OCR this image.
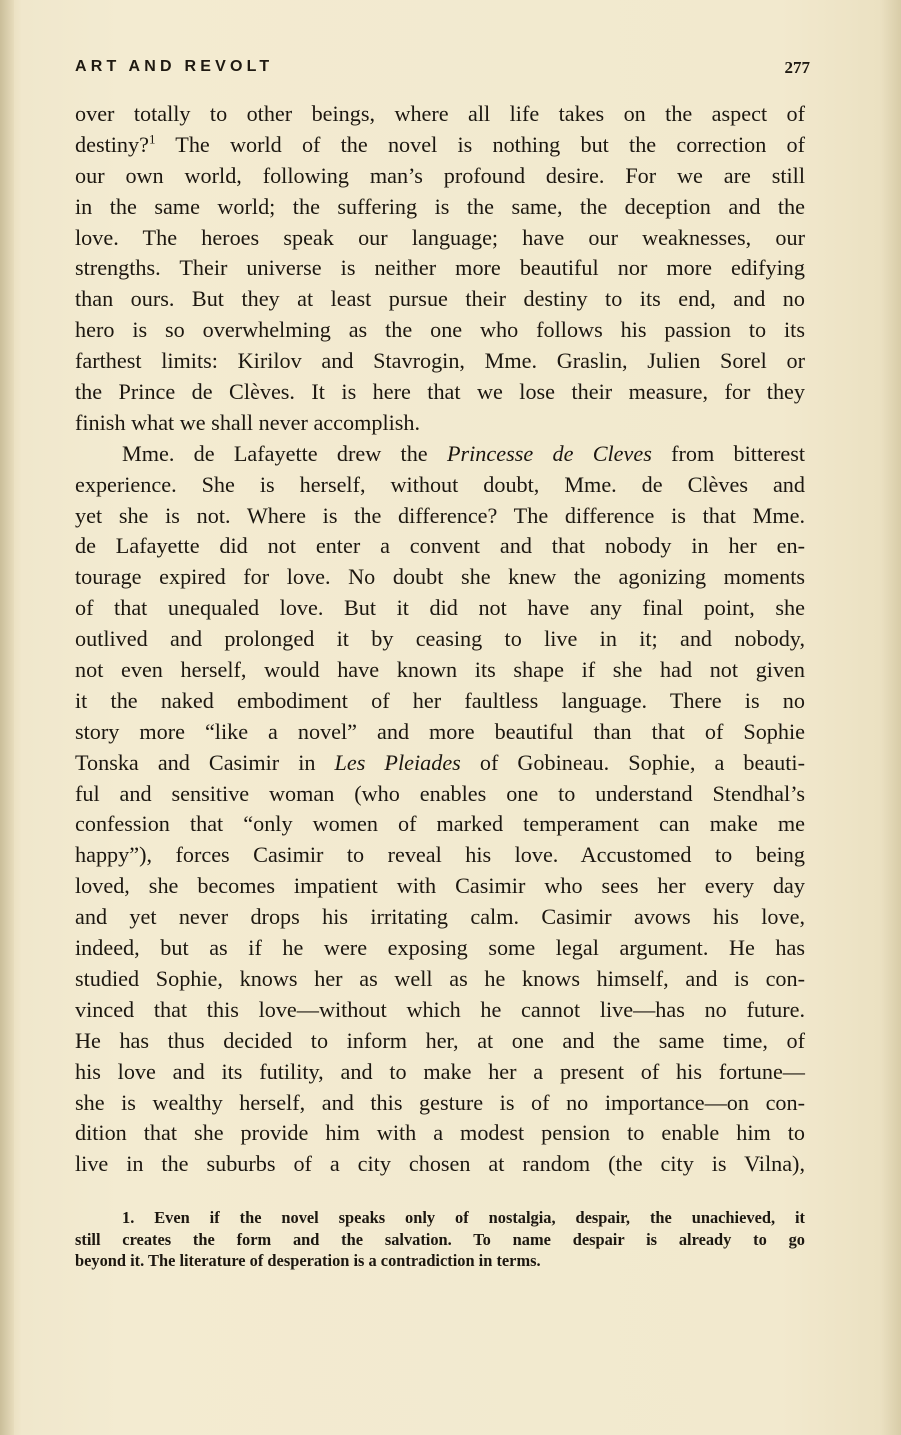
ART AND REVOLT	277
over totally to other beings, where all life takes on the aspect of
destiny?$^1$ The world of the novel is nothing but the correction of
our own world, following man’s profound desire. For we are still
in the same world; the suffering is the same, the deception and the
love. The heroes speak our language; have our weaknesses, our
strengths. Their universe is neither more beautiful nor more edifying
than ours. But they at least pursue their destiny to its end, and no
hero is so overwhelming as the one who follows his passion to its
farthest limits: Kirilov and Stavrogin, Mme. Graslin, Julien Sorel or
the Prince de Clèves. It is here that we lose their measure, for they
finish what we shall never accomplish.
Mme. de Lafayette drew the Princesse de Cleves from bitterest
experience. She is herself, without doubt, Mme. de Clèves and
yet she is not. Where is the difference? The difference is that Mme.
de Lafayette did not enter a convent and that nobody in her en-
tourage expired for love. No doubt she knew the agonizing moments
of that unequaled love. But it did not have any final point, she
outlived and prolonged it by ceasing to live in it; and nobody,
not even herself, would have known its shape if she had not given
it the naked embodiment of her faultless language. There is no
story more “like a novel” and more beautiful than that of Sophie
Tonska and Casimir in Les Pleiades of Gobineau. Sophie, a beauti-
ful and sensitive woman (who enables one to understand Stendhal’s
confession that “only women of marked temperament can make me
happy”), forces Casimir to reveal his love. Accustomed to being
loved, she becomes impatient with Casimir who sees her every day
and yet never drops his irritating calm. Casimir avows his love,
indeed, but as if he were exposing some legal argument. He has
studied Sophie, knows her as well as he knows himself, and is con-
vinced that this love—without which he cannot live—has no future.
He has thus decided to inform her, at one and the same time, of
his love and its futility, and to make her a present of his fortune—
she is wealthy herself, and this gesture is of no importance—on con-
dition that she provide him with a modest pension to enable him to
live in the suburbs of a city chosen at random (the city is Vilna),
1. Even if the novel speaks only of nostalgia, despair, the unachieved, it
still creates the form and the salvation. To name despair is already to go
beyond it. The literature of desperation is a contradiction in terms.
